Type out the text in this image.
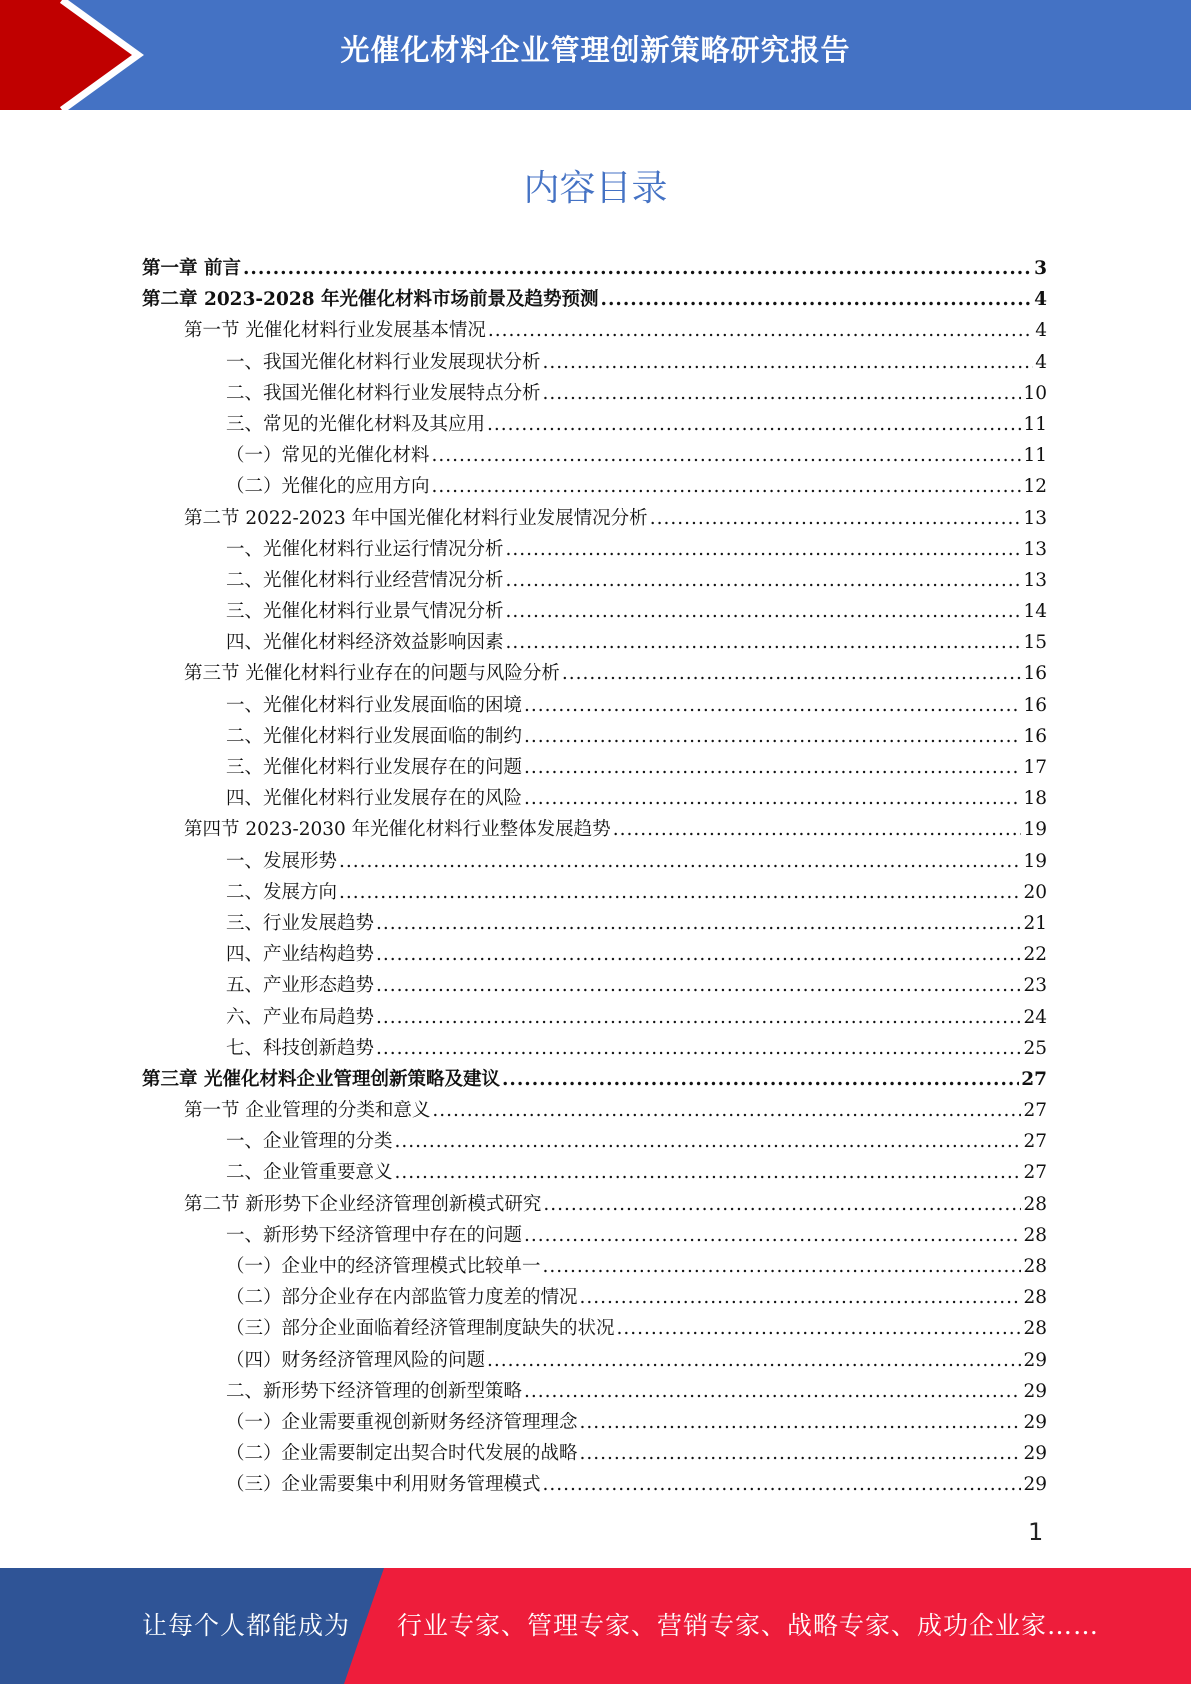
光催化材料企业管理创新策略研究报告
内容目录
第一章 前言 .....	3
第二章 2023-2028 年光催化材料市场前景及趋势预测 .....	4
第一节 光催化材料行业发展基本情况 .....	4
一、我国光催化材料行业发展现状分析 .....	4
二、我国光催化材料行业发展特点分析 .....	10
三、常见的光催化材料及其应用 .....	11
（一）常见的光催化材料 .....	11
（二）光催化的应用方向 .....	12
第二节 2022-2023 年中国光催化材料行业发展情况分析 .....	13
一、光催化材料行业运行情况分析 .....	13
二、光催化材料行业经营情况分析 .....	13
三、光催化材料行业景气情况分析 .....	14
四、光催化材料经济效益影响因素 .....	15
第三节 光催化材料行业存在的问题与风险分析 .....	16
一、光催化材料行业发展面临的困境 .....	16
二、光催化材料行业发展面临的制约 .....	16
三、光催化材料行业发展存在的问题 .....	17
四、光催化材料行业发展存在的风险 .....	18
第四节 2023-2030 年光催化材料行业整体发展趋势 .....	19
一、发展形势 .....	19
二、发展方向 .....	20
三、行业发展趋势 .....	21
四、产业结构趋势 .....	22
五、产业形态趋势 .....	23
六、产业布局趋势 .....	24
七、科技创新趋势 .....	25
第三章 光催化材料企业管理创新策略及建议 .....	27
第一节 企业管理的分类和意义 .....	27
一、企业管理的分类 .....	27
二、企业管重要意义 .....	27
第二节 新形势下企业经济管理创新模式研究 .....	28
一、新形势下经济管理中存在的问题 .....	28
（一）企业中的经济管理模式比较单一 .....	28
（二）部分企业存在内部监管力度差的情况 .....	28
（三）部分企业面临着经济管理制度缺失的状况 .....	28
（四）财务经济管理风险的问题 .....	29
二、新形势下经济管理的创新型策略 .....	29
（一）企业需要重视创新财务经济管理理念 .....	29
（二）企业需要制定出契合时代发展的战略 .....	29
（三）企业需要集中利用财务管理模式 .....	29
1
让每个人都能成为 行业专家、管理专家、营销专家、战略专家、成功企业家……
